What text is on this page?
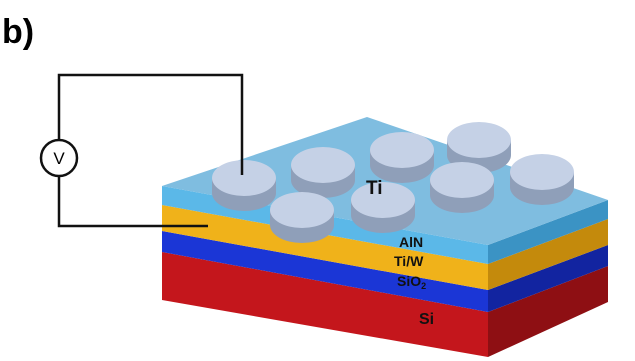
b)
V
Ti
AlN
Ti/W
SiO$_2$
Si
